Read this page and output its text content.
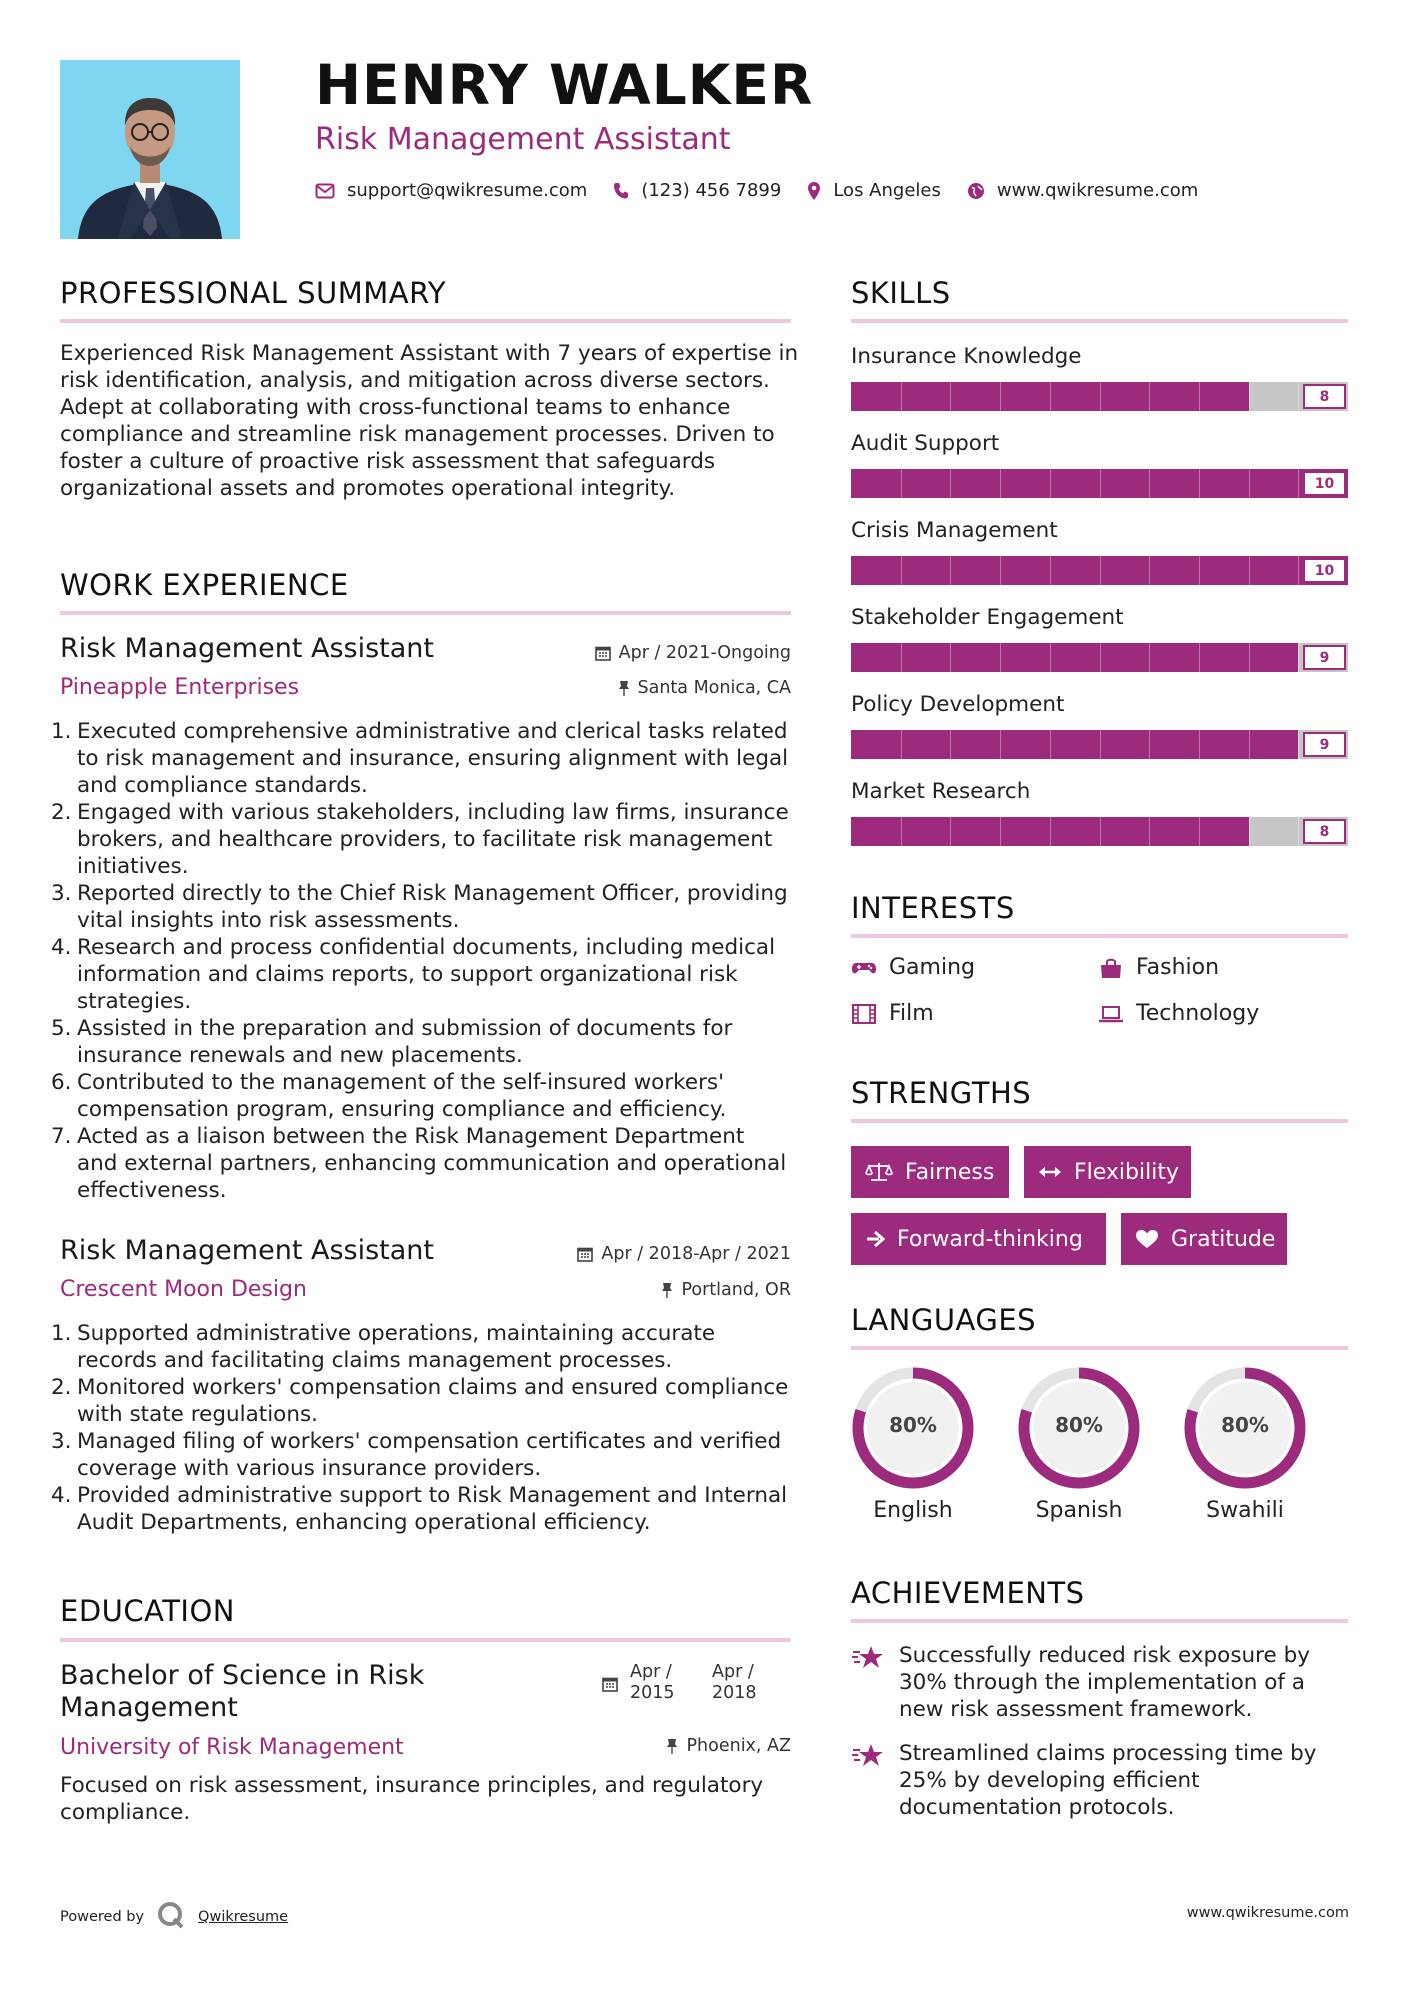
HENRY WALKER
Risk Management Assistant
support@qwikresume.com	(123) 456 7899	Los Angeles	www.qwikresume.com
PROFESSIONAL SUMMARY
Experienced Risk Management Assistant with 7 years of expertise in risk identification, analysis, and mitigation across diverse sectors. Adept at collaborating with cross-functional teams to enhance compliance and streamline risk management processes. Driven to foster a culture of proactive risk assessment that safeguards organizational assets and promotes operational integrity.
WORK EXPERIENCE
Risk Management Assistant	Apr / 2021-Ongoing
Pineapple Enterprises	Santa Monica, CA
1. Executed comprehensive administrative and clerical tasks related to risk management and insurance, ensuring alignment with legal and compliance standards.
2. Engaged with various stakeholders, including law firms, insurance brokers, and healthcare providers, to facilitate risk management initiatives.
3. Reported directly to the Chief Risk Management Officer, providing vital insights into risk assessments.
4. Research and process confidential documents, including medical information and claims reports, to support organizational risk strategies.
5. Assisted in the preparation and submission of documents for insurance renewals and new placements.
6. Contributed to the management of the self-insured workers' compensation program, ensuring compliance and efficiency.
7. Acted as a liaison between the Risk Management Department and external partners, enhancing communication and operational effectiveness.
Risk Management Assistant	Apr / 2018-Apr / 2021
Crescent Moon Design	Portland, OR
1. Supported administrative operations, maintaining accurate records and facilitating claims management processes.
2. Monitored workers' compensation claims and ensured compliance with state regulations.
3. Managed filing of workers' compensation certificates and verified coverage with various insurance providers.
4. Provided administrative support to Risk Management and Internal Audit Departments, enhancing operational efficiency.
EDUCATION
Bachelor of Science in Risk Management
Apr / 2015
Apr / 2018
University of Risk Management	Phoenix, AZ
Focused on risk assessment, insurance principles, and regulatory compliance.
SKILLS
Insurance Knowledge
8
Audit Support
10
Crisis Management
10
Stakeholder Engagement
9
Policy Development
9
Market Research
8
INTERESTS
Gaming	Fashion
Film	Technology
STRENGTHS
Fairness	Flexibility
Forward-thinking	Gratitude
LANGUAGES
80%
English
80%
Spanish
80%
Swahili
ACHIEVEMENTS
Successfully reduced risk exposure by 30% through the implementation of a new risk assessment framework.
Streamlined claims processing time by 25% by developing efficient documentation protocols.
Powered by	Qwikresume	www.qwikresume.com
